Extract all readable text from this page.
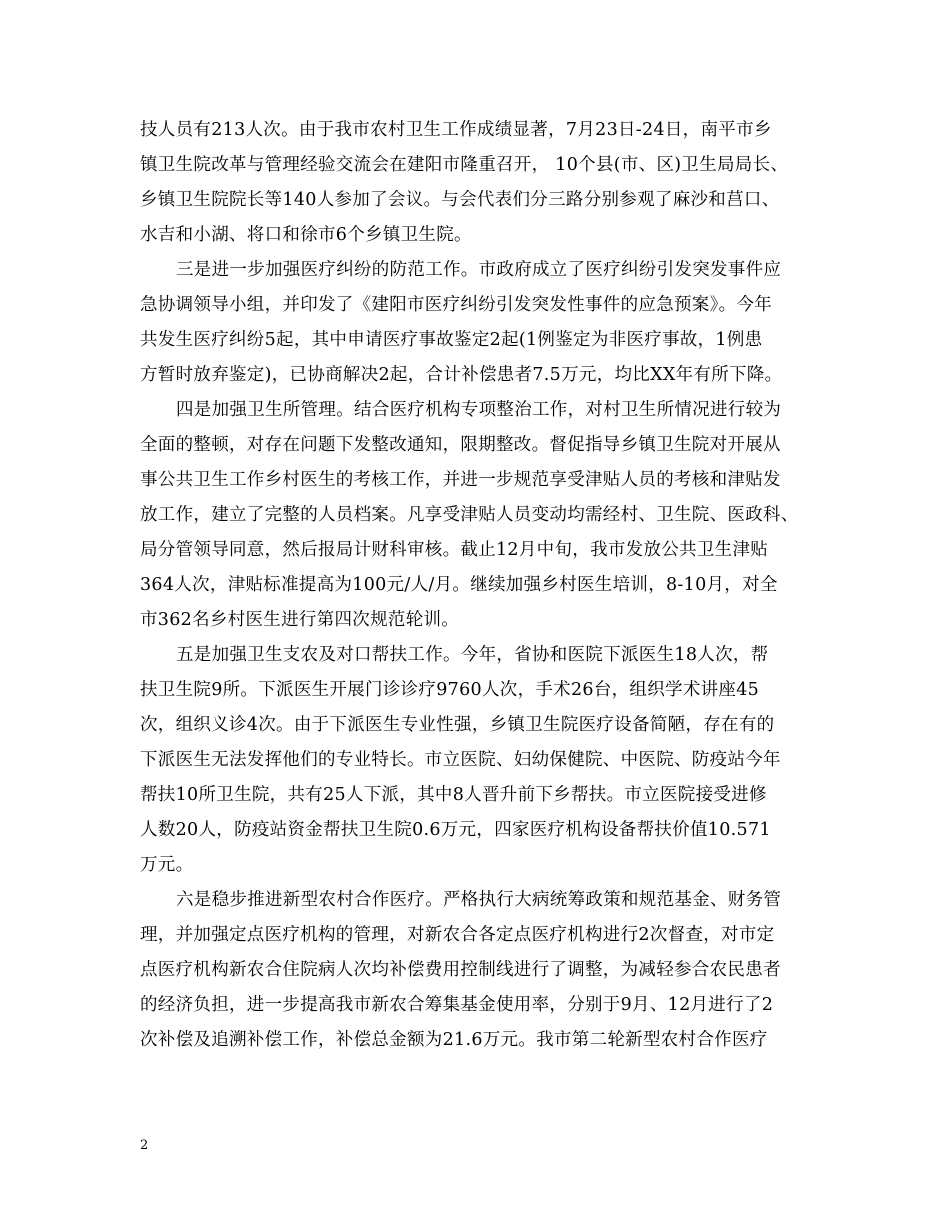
技人员有213人次。由于我市农村卫生工作成绩显著，7月23日-24日，南平市乡
镇卫生院改革与管理经验交流会在建阳市隆重召开， 10个县(市、区)卫生局局长、
乡镇卫生院院长等140人参加了会议。与会代表们分三路分别参观了麻沙和莒口、
水吉和小湖、将口和徐市6个乡镇卫生院。
三是进一步加强医疗纠纷的防范工作。市政府成立了医疗纠纷引发突发事件应
急协调领导小组，并印发了《建阳市医疗纠纷引发突发性事件的应急预案》。今年
共发生医疗纠纷5起，其中申请医疗事故鉴定2起(1例鉴定为非医疗事故，1例患
方暂时放弃鉴定)，已协商解决2起，合计补偿患者7.5万元，均比XX年有所下降。
四是加强卫生所管理。结合医疗机构专项整治工作，对村卫生所情况进行较为
全面的整顿，对存在问题下发整改通知，限期整改。督促指导乡镇卫生院对开展从
事公共卫生工作乡村医生的考核工作，并进一步规范享受津贴人员的考核和津贴发
放工作，建立了完整的人员档案。凡享受津贴人员变动均需经村、卫生院、医政科、
局分管领导同意，然后报局计财科审核。截止12月中旬，我市发放公共卫生津贴
364人次，津贴标准提高为100元/人/月。继续加强乡村医生培训，8-10月，对全
市362名乡村医生进行第四次规范轮训。
五是加强卫生支农及对口帮扶工作。今年，省协和医院下派医生18人次，帮
扶卫生院9所。下派医生开展门诊诊疗9760人次，手术26台，组织学术讲座45
次，组织义诊4次。由于下派医生专业性强，乡镇卫生院医疗设备简陋，存在有的
下派医生无法发挥他们的专业特长。市立医院、妇幼保健院、中医院、防疫站今年
帮扶10所卫生院，共有25人下派，其中8人晋升前下乡帮扶。市立医院接受进修
人数20人，防疫站资金帮扶卫生院0.6万元，四家医疗机构设备帮扶价值10.571
万元。
六是稳步推进新型农村合作医疗。严格执行大病统筹政策和规范基金、财务管
理，并加强定点医疗机构的管理，对新农合各定点医疗机构进行2次督查，对市定
点医疗机构新农合住院病人次均补偿费用控制线进行了调整，为减轻参合农民患者
的经济负担，进一步提高我市新农合筹集基金使用率，分别于9月、12月进行了2
次补偿及追溯补偿工作，补偿总金额为21.6万元。我市第二轮新型农村合作医疗
2
